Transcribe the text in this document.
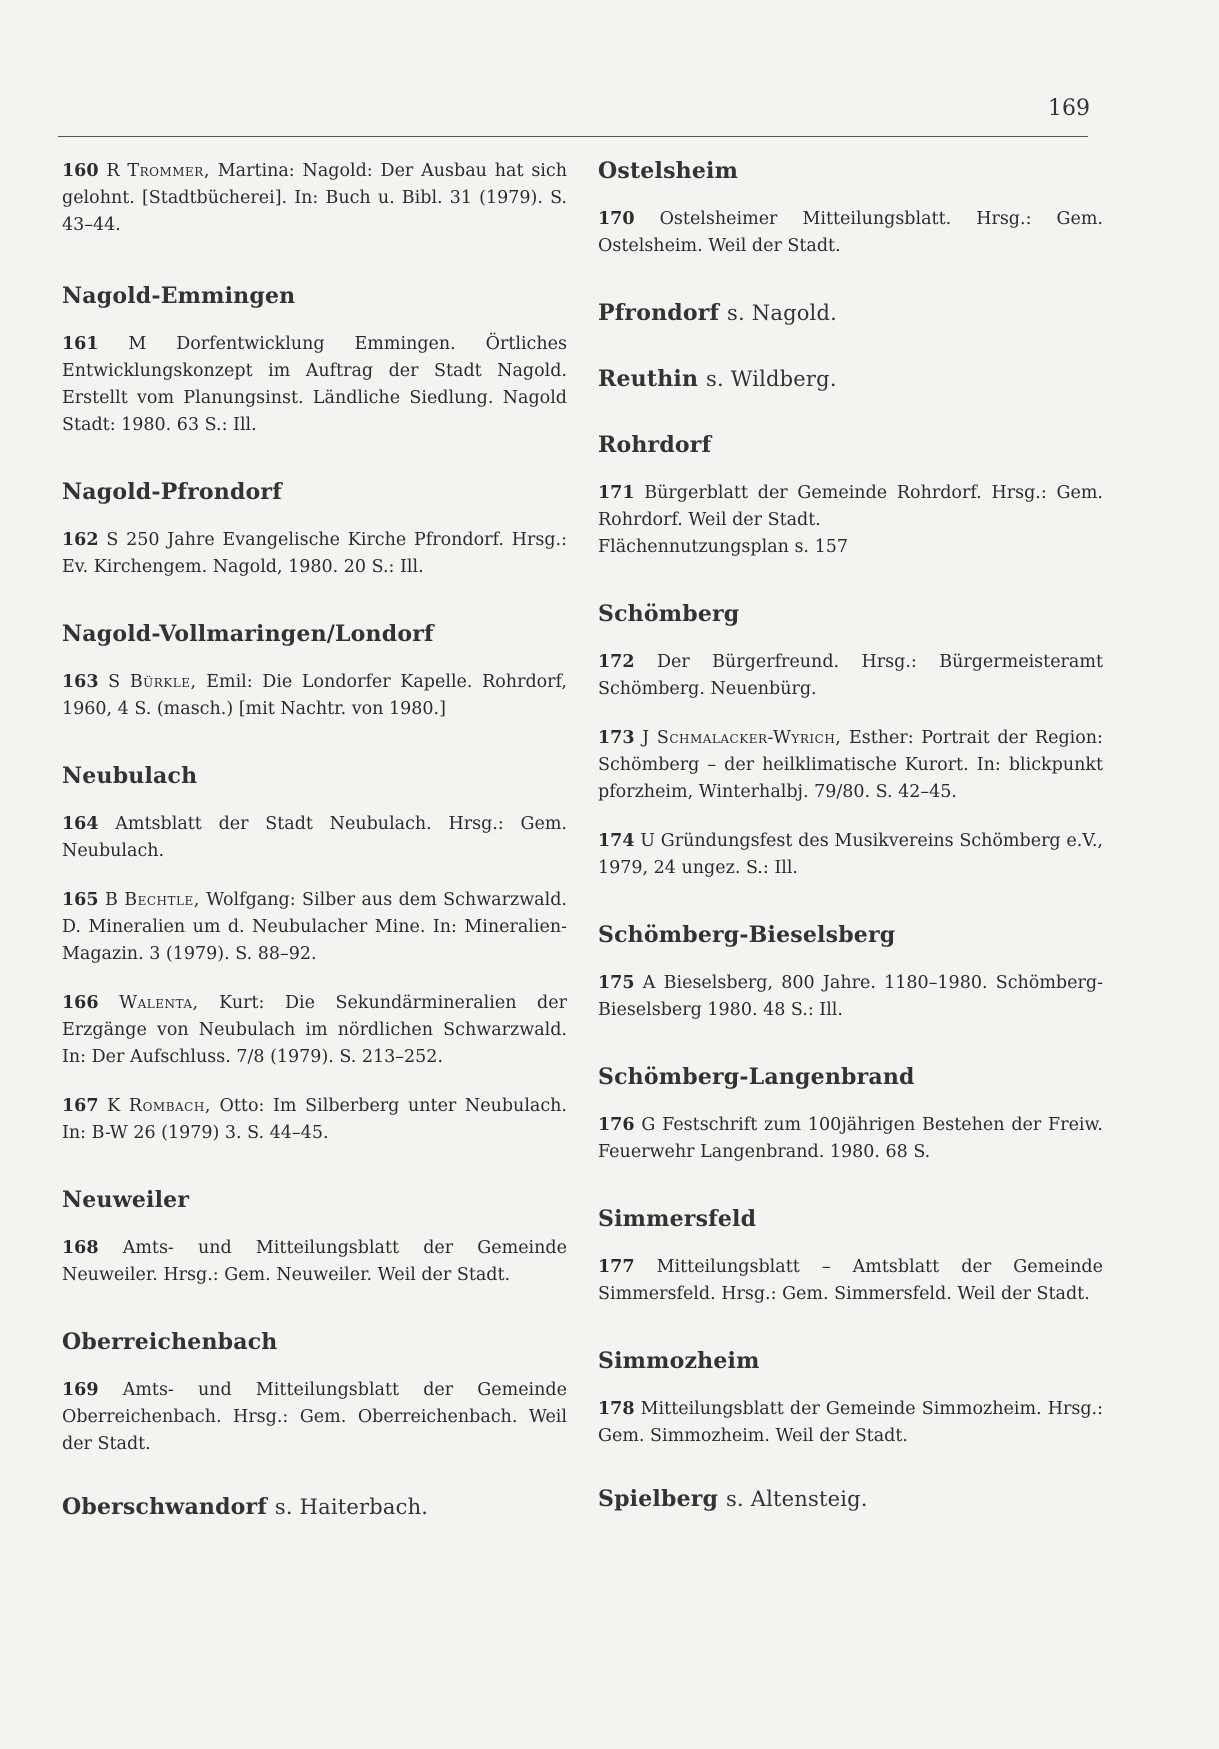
169

160 R Trommer, Martina: Nagold: Der Ausbau hat sich gelohnt. [Stadtbücherei]. In: Buch u. Bibl. 31 (1979). S. 43–44.

Nagold-Emmingen

161 M Dorfentwicklung Emmingen. Örtliches Entwicklungskonzept im Auftrag der Stadt Nagold. Erstellt vom Planungsinst. Ländliche Siedlung. Nagold Stadt: 1980. 63 S.: Ill.

Nagold-Pfrondorf

162 S 250 Jahre Evangelische Kirche Pfrondorf. Hrsg.: Ev. Kirchengem. Nagold, 1980. 20 S.: Ill.

Nagold-Vollmaringen/Londorf

163 S Bürkle, Emil: Die Londorfer Kapelle. Rohrdorf, 1960, 4 S. (masch.) [mit Nachtr. von 1980.]

Neubulach

164 Amtsblatt der Stadt Neubulach. Hrsg.: Gem. Neubulach.

165 B Bechtle, Wolfgang: Silber aus dem Schwarzwald. D. Mineralien um d. Neubulacher Mine. In: Mineralien-Magazin. 3 (1979). S. 88–92.

166 Walenta, Kurt: Die Sekundärmineralien der Erzgänge von Neubulach im nördlichen Schwarzwald. In: Der Aufschluss. 7/8 (1979). S. 213–252.

167 K Rombach, Otto: Im Silberberg unter Neubulach. In: B-W 26 (1979) 3. S. 44–45.

Neuweiler

168 Amts- und Mitteilungsblatt der Gemeinde Neuweiler. Hrsg.: Gem. Neuweiler. Weil der Stadt.

Oberreichenbach

169 Amts- und Mitteilungsblatt der Gemeinde Oberreichenbach. Hrsg.: Gem. Oberreichenbach. Weil der Stadt.

Oberschwandorf s. Haiterbach.
Ostelsheim

170 Ostelsheimer Mitteilungsblatt. Hrsg.: Gem. Ostelsheim. Weil der Stadt.

Pfrondorf s. Nagold.
Reuthin s. Wildberg.
Rohrdorf

171 Bürgerblatt der Gemeinde Rohrdorf. Hrsg.: Gem. Rohrdorf. Weil der Stadt.

Flächennutzungsplan s. 157

Schömberg

172 Der Bürgerfreund. Hrsg.: Bürgermeisteramt Schömberg. Neuenbürg.

173 J Schmalacker-Wyrich, Esther: Portrait der Region: Schömberg – der heilklimatische Kurort. In: blickpunkt pforzheim, Winterhalbj. 79/80. S. 42–45.

174 U Gründungsfest des Musikvereins Schömberg e.V., 1979, 24 ungez. S.: Ill.

Schömberg-Bieselsberg

175 A Bieselsberg, 800 Jahre. 1180–1980. Schömberg-Bieselsberg 1980. 48 S.: Ill.

Schömberg-Langenbrand

176 G Festschrift zum 100jährigen Bestehen der Freiw. Feuerwehr Langenbrand. 1980. 68 S.

Simmersfeld

177 Mitteilungsblatt – Amtsblatt der Gemeinde Simmersfeld. Hrsg.: Gem. Simmersfeld. Weil der Stadt.

Simmozheim

178 Mitteilungsblatt der Gemeinde Simmozheim. Hrsg.: Gem. Simmozheim. Weil der Stadt.

Spielberg s. Altensteig.
